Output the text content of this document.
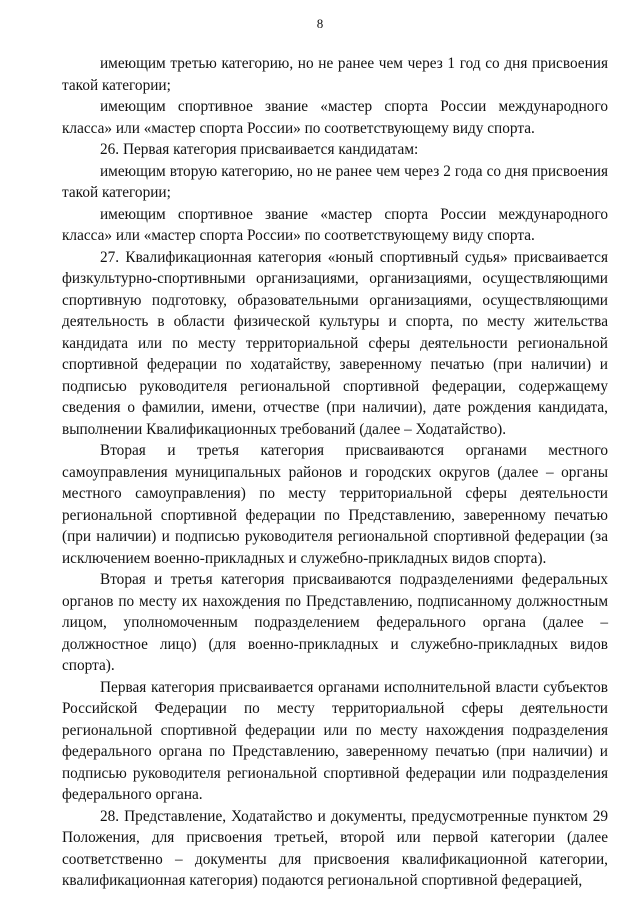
8

имеющим третью категорию, но не ранее чем через 1 год со дня присвоения такой категории;

имеющим спортивное звание «мастер спорта России международного класса» или «мастер спорта России» по соответствующему виду спорта.

26. Первая категория присваивается кандидатам:

имеющим вторую категорию, но не ранее чем через 2 года со дня присвоения такой категории;

имеющим спортивное звание «мастер спорта России международного класса» или «мастер спорта России» по соответствующему виду спорта.

27. Квалификационная категория «юный спортивный судья» присваивается физкультурно-спортивными организациями, организациями, осуществляющими спортивную подготовку, образовательными организациями, осуществляющими деятельность в области физической культуры и спорта, по месту жительства кандидата или по месту территориальной сферы деятельности региональной спортивной федерации по ходатайству, заверенному печатью (при наличии) и подписью руководителя региональной спортивной федерации, содержащему сведения о фамилии, имени, отчестве (при наличии), дате рождения кандидата, выполнении Квалификационных требований (далее – Ходатайство).

Вторая и третья категория присваиваются органами местного самоуправления муниципальных районов и городских округов (далее – органы местного самоуправления) по месту территориальной сферы деятельности региональной спортивной федерации по Представлению, заверенному печатью (при наличии) и подписью руководителя региональной спортивной федерации (за исключением военно-прикладных и служебно-прикладных видов спорта).

Вторая и третья категория присваиваются подразделениями федеральных органов по месту их нахождения по Представлению, подписанному должностным лицом, уполномоченным подразделением федерального органа (далее – должностное лицо) (для военно-прикладных и служебно-прикладных видов спорта).

Первая категория присваивается органами исполнительной власти субъектов Российской Федерации по месту территориальной сферы деятельности региональной спортивной федерации или по месту нахождения подразделения федерального органа по Представлению, заверенному печатью (при наличии) и подписью руководителя региональной спортивной федерации или подразделения федерального органа.

28. Представление, Ходатайство и документы, предусмотренные пунктом 29 Положения, для присвоения третьей, второй или первой категории (далее соответственно – документы для присвоения квалификационной категории, квалификационная категория) подаются региональной спортивной федерацией,
